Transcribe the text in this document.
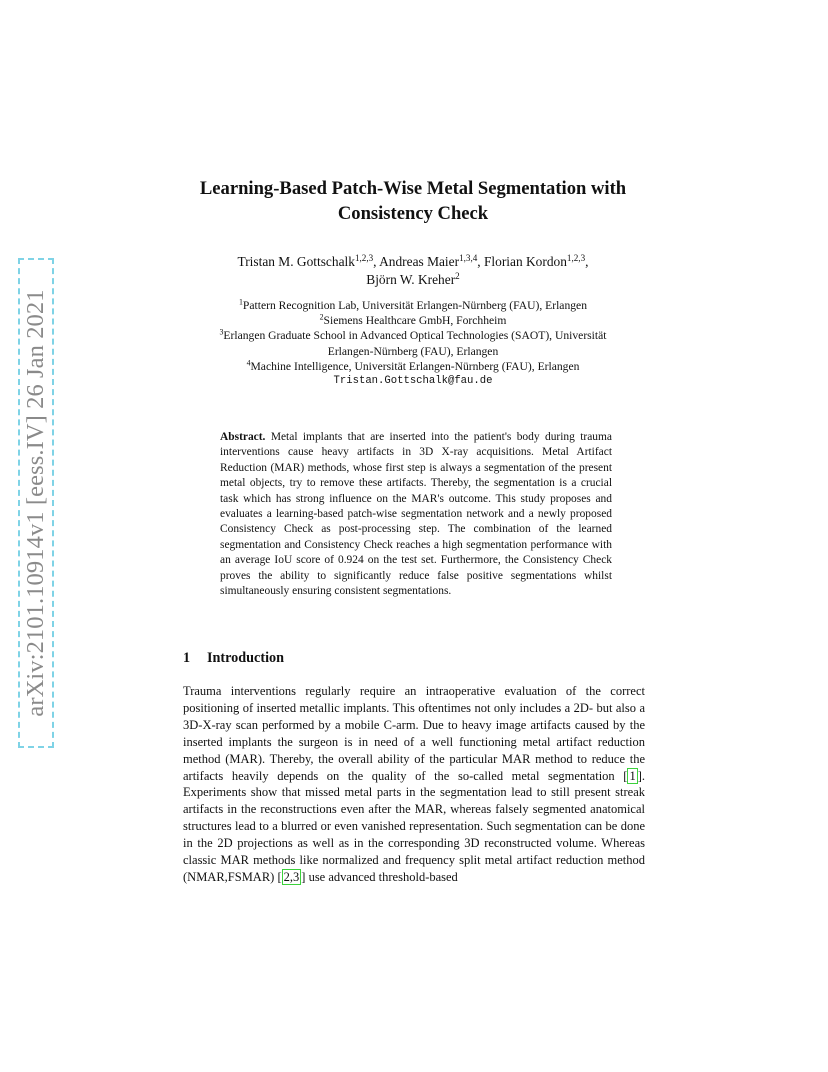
arXiv:2101.10914v1 [eess.IV] 26 Jan 2021
Learning-Based Patch-Wise Metal Segmentation with
Consistency Check
Tristan M. Gottschalk$^{1,2,3}$, Andreas Maier$^{1,3,4}$, Florian Kordon$^{1,2,3}$,
Björn W. Kreher$^2$
$^1$Pattern Recognition Lab, Universität Erlangen-Nürnberg (FAU), Erlangen
$^2$Siemens Healthcare GmbH, Forchheim
$^3$Erlangen Graduate School in Advanced Optical Technologies (SAOT), Universität
Erlangen-Nürnberg (FAU), Erlangen
$^4$Machine Intelligence, Universität Erlangen-Nürnberg (FAU), Erlangen
Tristan.Gottschalk@fau.de
Abstract. Metal implants that are inserted into the patient's body during trauma interventions cause heavy artifacts in 3D X-ray acquisitions. Metal Artifact Reduction (MAR) methods, whose first step is always a segmentation of the present metal objects, try to remove these artifacts. Thereby, the segmentation is a crucial task which has strong influence on the MAR's outcome. This study proposes and evaluates a learning-based patch-wise segmentation network and a newly proposed Consistency Check as post-processing step. The combination of the learned segmentation and Consistency Check reaches a high segmentation performance with an average IoU score of 0.924 on the test set. Furthermore, the Consistency Check proves the ability to significantly reduce false positive segmentations whilst simultaneously ensuring consistent segmentations.
1 Introduction
Trauma interventions regularly require an intraoperative evaluation of the correct positioning of inserted metallic implants. This oftentimes not only includes a 2D- but also a 3D-X-ray scan performed by a mobile C-arm. Due to heavy image artifacts caused by the inserted implants the surgeon is in need of a well functioning metal artifact reduction method (MAR). Thereby, the overall ability of the particular MAR method to reduce the artifacts heavily depends on the quality of the so-called metal segmentation [ 1 ]. Experiments show that missed metal parts in the segmentation lead to still present streak artifacts in the reconstructions even after the MAR, whereas falsely segmented anatomical structures lead to a blurred or even vanished representation. Such segmentation can be done in the 2D projections as well as in the corresponding 3D reconstructed volume. Whereas classic MAR methods like normalized and frequency split metal artifact reduction method (NMAR,FSMAR) [ 2,3 ] use advanced threshold-based
